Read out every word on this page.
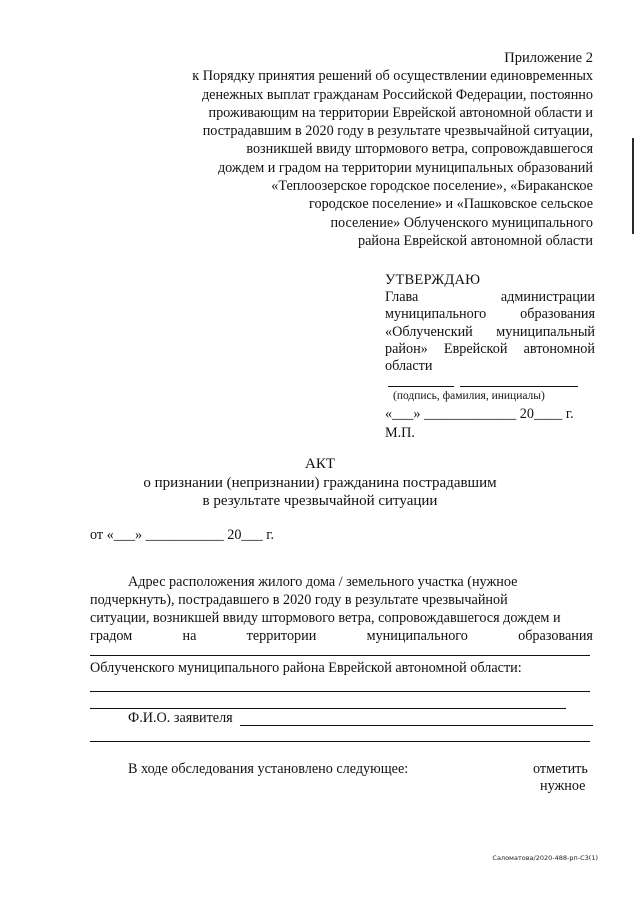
Приложение 2
к Порядку принятия решений об осуществлении единовременных
денежных выплат гражданам Российской Федерации, постоянно
проживающим на территории Еврейской автономной области и
пострадавшим в 2020 году в результате чрезвычайной ситуации,
возникшей ввиду штормового ветра, сопровождавшегося
дождем и градом на территории муниципальных образований
«Теплоозерское городское поселение», «Бираканское
городское поселение» и «Пашковское сельское
поселение» Облученского муниципального
района Еврейской автономной области
УТВЕРЖДАЮ
Глава администрации муниципального образования «Облученский муниципальный район» Еврейской автономной области
(подпись, фамилия, инициалы)
«___» _____________ 20____ г.
М.П.
АКТ
о признании (непризнании) гражданина пострадавшим
в результате чрезвычайной ситуации
от «___» ___________ 20___ г.
Адрес расположения жилого дома / земельного участка (нужное
подчеркнуть), пострадавшего в 2020 году в результате чрезвычайной
ситуации, возникшей ввиду штормового ветра, сопровождавшегося дождем и
градом	на	территории	муниципального	образования
Облученского муниципального района Еврейской автономной области:
Ф.И.О. заявителя
В ходе обследования установлено следующее:	отметить
нужное
Саломатова/2020-488-рп-СЗ(1)
